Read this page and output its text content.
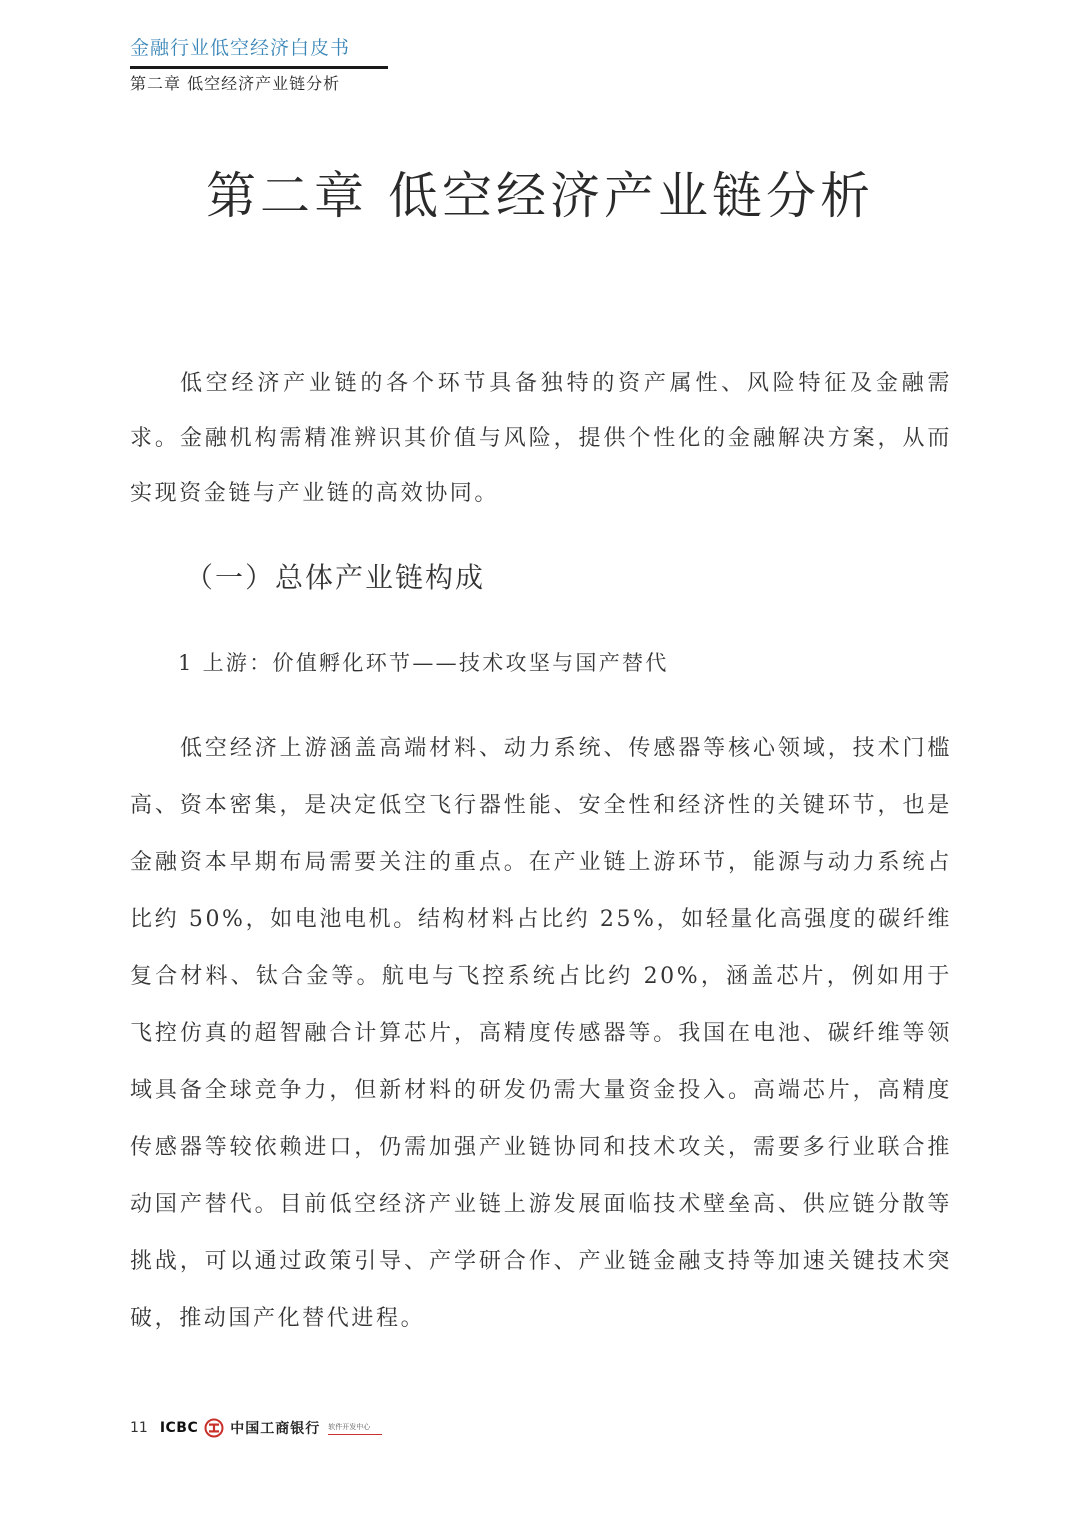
金融行业低空经济白皮书
第二章 低空经济产业链分析
第二章 低空经济产业链分析

低空经济产业链的各个环节具备独特的资产属性、风险特征及金融需求。金融机构需精准辨识其价值与风险，提供个性化的金融解决方案，从而实现资金链与产业链的高效协同。

（一）总体产业链构成
1 上游：价值孵化环节——技术攻坚与国产替代

低空经济上游涵盖高端材料、动力系统、传感器等核心领域，技术门槛高、资本密集，是决定低空飞行器性能、安全性和经济性的关键环节，也是金融资本早期布局需要关注的重点。在产业链上游环节，能源与动力系统占比约 50%，如电池电机。结构材料占比约 25%，如轻量化高强度的碳纤维复合材料、钛合金等。航电与飞控系统占比约 20%，涵盖芯片，例如用于飞控仿真的超智融合计算芯片，高精度传感器等。我国在电池、碳纤维等领域具备全球竞争力，但新材料的研发仍需大量资金投入。高端芯片，高精度传感器等较依赖进口，仍需加强产业链协同和技术攻关，需要多行业联合推动国产替代。目前低空经济产业链上游发展面临技术壁垒高、供应链分散等挑战，可以通过政策引导、产学研合作、产业链金融支持等加速关键技术突破，推动国产化替代进程。

11 ICBC 中国工商银行 软件开发中心
